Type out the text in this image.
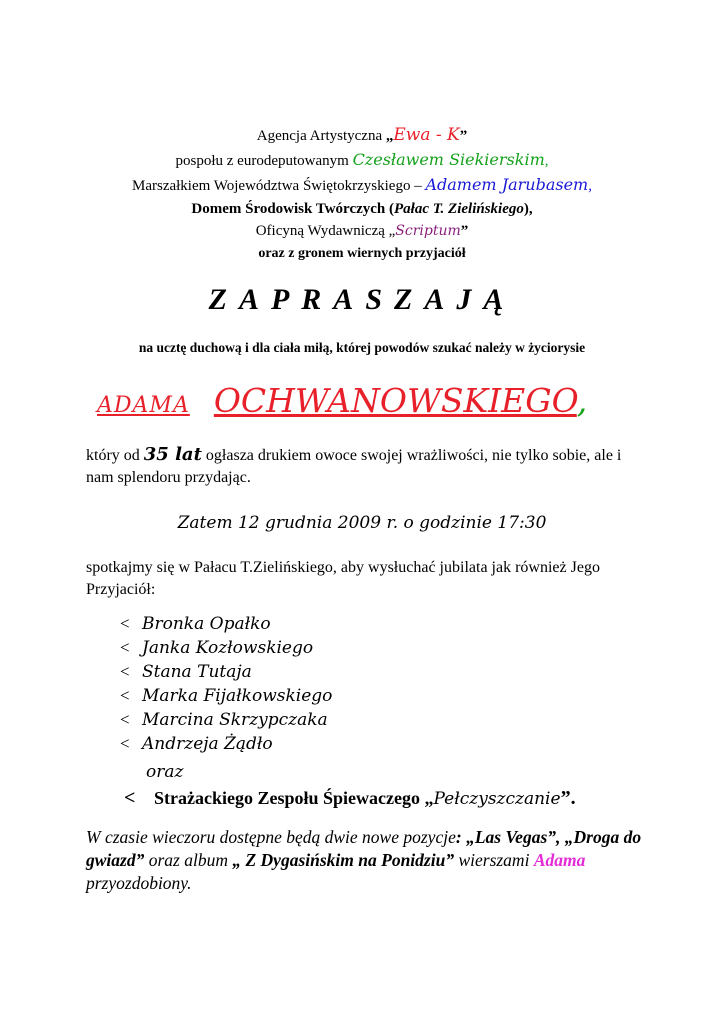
Agencja Artystyczna „Ewa - K”
pospołu z eurodeputowanym Czesławem Siekierskim,
Marszałkiem Województwa Świętokrzyskiego – Adamem Jarubasem,
Domem Środowisk Twórczych (Pałac T. Zielińskiego),
Oficyną Wydawniczą „Scriptum”
oraz z gronem wiernych przyjaciół
ZAPRASZAJĄ
na ucztę duchową i dla ciała miłą, której powodów szukać należy w życiorysie
ADAMA OCHWANOWSKIEGO,
który od 35 lat ogłasza drukiem owoce swojej wrażliwości, nie tylko sobie, ale i nam splendoru przydając.
Zatem 12 grudnia 2009 r. o godzinie 17:30
spotkajmy się w Pałacu T.Zielińskiego, aby wysłuchać jubilata jak również Jego Przyjaciół:
< Bronka Opałko
< Janka Kozłowskiego
< Stana Tutaja
< Marka Fijałkowskiego
< Marcina Skrzypczaka
< Andrzeja Żądło
oraz
< Strażackiego Zespołu Śpiewaczego „Pełczyszczanie”.
W czasie wieczoru dostępne będą dwie nowe pozycje: „Las Vegas”, „Droga do gwiazd” oraz album „ Z Dygasińskim na Ponidziu” wierszami Adama przyozdobiony.
